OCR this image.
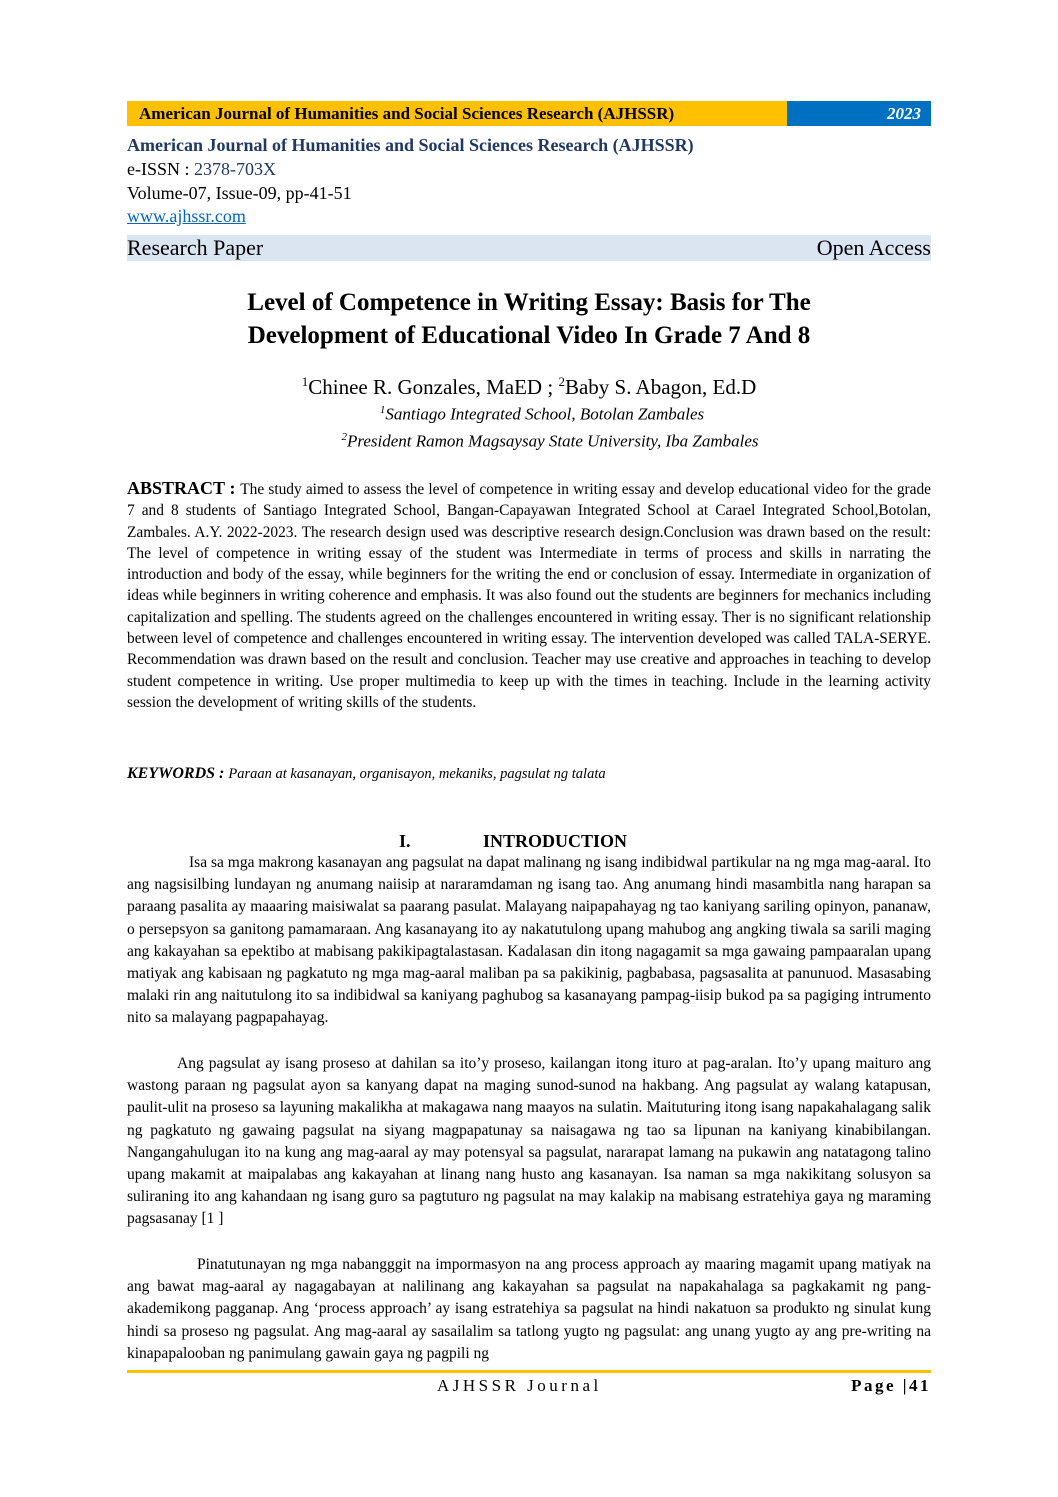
American Journal of Humanities and Social Sciences Research (AJHSSR)	2023
American Journal of Humanities and Social Sciences Research (AJHSSR)
e-ISSN : 2378-703X
Volume-07, Issue-09, pp-41-51
www.ajhssr.com
Research Paper	Open Access
Level of Competence in Writing Essay: Basis for The
Development of Educational Video In Grade 7 And 8
$^1$Chinee R. Gonzales, MaED ; $^2$Baby S. Abagon, Ed.D
$^1$Santiago Integrated School, Botolan Zambales
$^2$President Ramon Magsaysay State University, Iba Zambales
ABSTRACT : The study aimed to assess the level of competence in writing essay and develop educational video for the grade 7 and 8 students of Santiago Integrated School, Bangan-Capayawan Integrated School at Carael Integrated School,Botolan, Zambales. A.Y. 2022-2023. The research design used was descriptive research design.Conclusion was drawn based on the result: The level of competence in writing essay of the student was Intermediate in terms of process and skills in narrating the introduction and body of the essay, while beginners for the writing the end or conclusion of essay. Intermediate in organization of ideas while beginners in writing coherence and emphasis. It was also found out the students are beginners for mechanics including capitalization and spelling. The students agreed on the challenges encountered in writing essay. Ther is no significant relationship between level of competence and challenges encountered in writing essay. The intervention developed was called TALA-SERYE. Recommendation was drawn based on the result and conclusion. Teacher may use creative and approaches in teaching to develop student competence in writing. Use proper multimedia to keep up with the times in teaching. Include in the learning activity session the development of writing skills of the students.
KEYWORDS : Paraan at kasanayan, organisayon, mekaniks, pagsulat ng talata
I.	INTRODUCTION
Isa sa mga makrong kasanayan ang pagsulat na dapat malinang ng isang indibidwal partikular na ng mga mag-aaral. Ito ang nagsisilbing lundayan ng anumang naiisip at nararamdaman ng isang tao. Ang anumang hindi masambitla nang harapan sa paraang pasalita ay maaaring maisiwalat sa paarang pasulat. Malayang naipapahayag ng tao kaniyang sariling opinyon, pananaw, o persepsyon sa ganitong pamamaraan. Ang kasanayang ito ay nakatutulong upang mahubog ang angking tiwala sa sarili maging ang kakayahan sa epektibo at mabisang pakikipagtalastasan. Kadalasan din itong nagagamit sa mga gawaing pampaaralan upang matiyak ang kabisaan ng pagkatuto ng mga mag-aaral maliban pa sa pakikinig, pagbabasa, pagsasalita at panunuod. Masasabing malaki rin ang naitutulong ito sa indibidwal sa kaniyang paghubog sa kasanayang pampag-iisip bukod pa sa pagiging intrumento nito sa malayang pagpapahayag.
Ang pagsulat ay isang proseso at dahilan sa ito’y proseso, kailangan itong ituro at pag-aralan. Ito’y upang maituro ang wastong paraan ng pagsulat ayon sa kanyang dapat na maging sunod-sunod na hakbang. Ang pagsulat ay walang katapusan, paulit-ulit na proseso sa layuning makalikha at makagawa nang maayos na sulatin. Maituturing itong isang napakahalagang salik ng pagkatuto ng gawaing pagsulat na siyang magpapatunay sa naisagawa ng tao sa lipunan na kaniyang kinabibilangan. Nangangahulugan ito na kung ang mag-aaral ay may potensyal sa pagsulat, nararapat lamang na pukawin ang natatagong talino upang makamit at maipalabas ang kakayahan at linang nang husto ang kasanayan. Isa naman sa mga nakikitang solusyon sa suliraning ito ang kahandaan ng isang guro sa pagtuturo ng pagsulat na may kalakip na mabisang estratehiya gaya ng maraming pagsasanay [1 ]
Pinatutunayan ng mga nabangggit na impormasyon na ang process approach ay maaring magamit upang matiyak na ang bawat mag-aaral ay nagagabayan at nalilinang ang kakayahan sa pagsulat na napakahalaga sa pagkakamit ng pang-akademikong pagganap. Ang ‘process approach’ ay isang estratehiya sa pagsulat na hindi nakatuon sa produkto ng sinulat kung hindi sa proseso ng pagsulat. Ang mag-aaral ay sasailalim sa tatlong yugto ng pagsulat: ang unang yugto ay ang pre-writing na kinapapalooban ng panimulang gawain gaya ng pagpili ng
AJHSSR Journal	Page |41
